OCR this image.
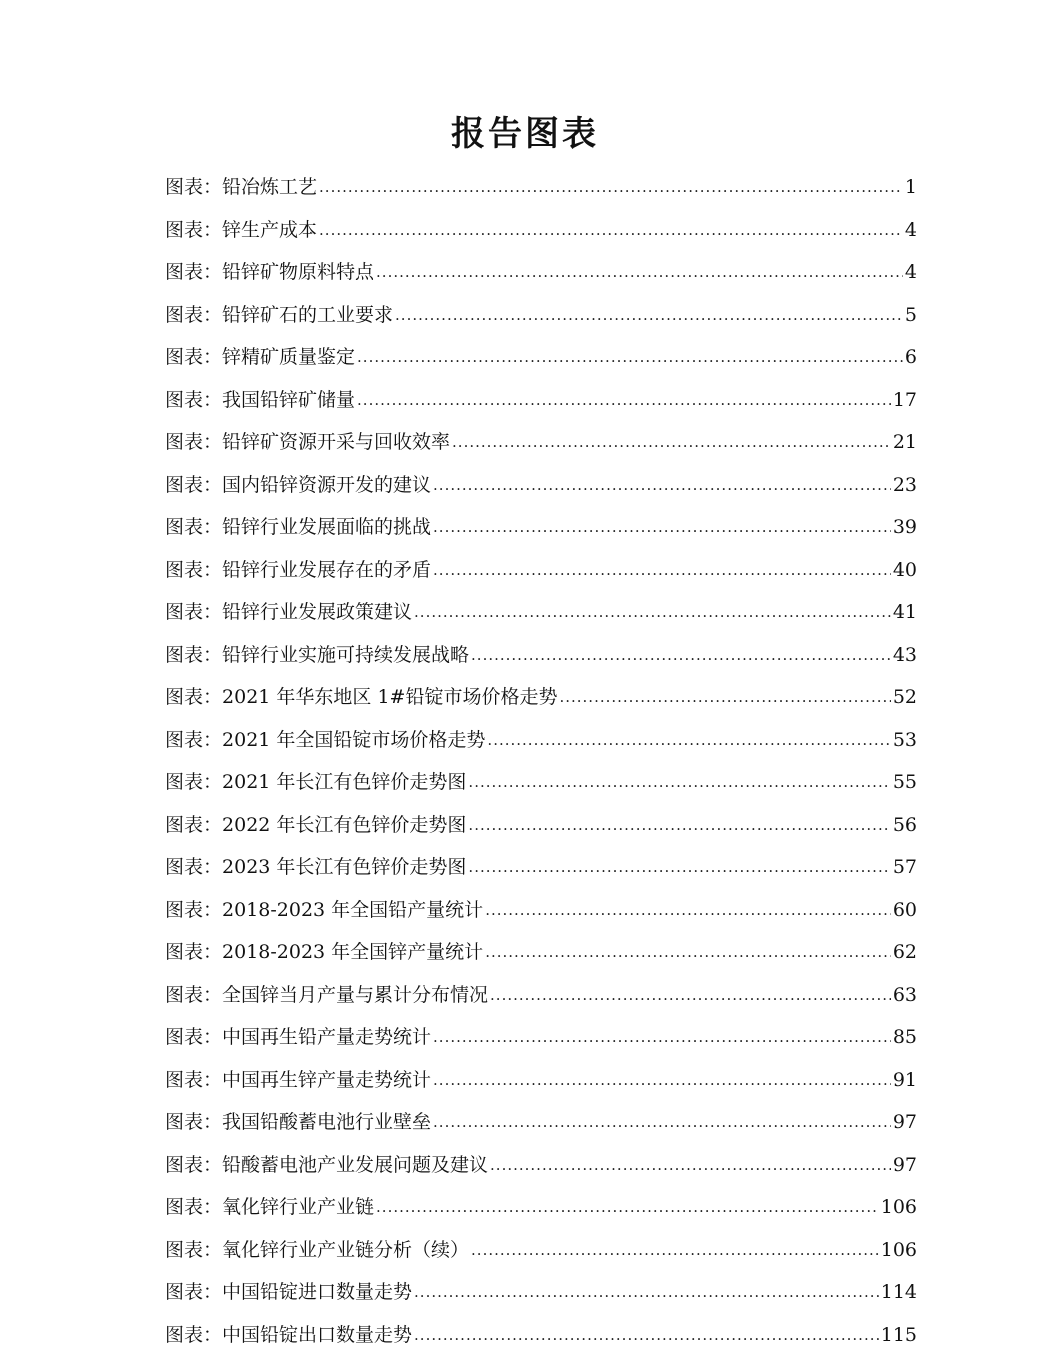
报告图表
图表： 铅冶炼工艺 .....	1
图表： 锌生产成本 .....	4
图表： 铅锌矿物原料特点 .....	4
图表： 铅锌矿石的工业要求 .....	5
图表： 锌精矿质量鉴定 .....	6
图表： 我国铅锌矿储量 .....	17
图表： 铅锌矿资源开采与回收效率 .....	21
图表： 国内铅锌资源开发的建议 .....	23
图表： 铅锌行业发展面临的挑战 .....	39
图表： 铅锌行业发展存在的矛盾 .....	40
图表： 铅锌行业发展政策建议 .....	41
图表： 铅锌行业实施可持续发展战略 .....	43
图表： 2021 年华东地区 1#铅锭市场价格走势 .....	52
图表： 2021 年全国铅锭市场价格走势 .....	53
图表： 2021 年长江有色锌价走势图 .....	55
图表： 2022 年长江有色锌价走势图 .....	56
图表： 2023 年长江有色锌价走势图 .....	57
图表： 2018-2023 年全国铅产量统计 .....	60
图表： 2018-2023 年全国锌产量统计 .....	62
图表： 全国锌当月产量与累计分布情况 .....	63
图表： 中国再生铅产量走势统计 .....	85
图表： 中国再生锌产量走势统计 .....	91
图表： 我国铅酸蓄电池行业壁垒 .....	97
图表： 铅酸蓄电池产业发展问题及建议 .....	97
图表： 氧化锌行业产业链 .....	106
图表： 氧化锌行业产业链分析（续） .....	106
图表： 中国铅锭进口数量走势 .....	114
图表： 中国铅锭出口数量走势 .....	115
